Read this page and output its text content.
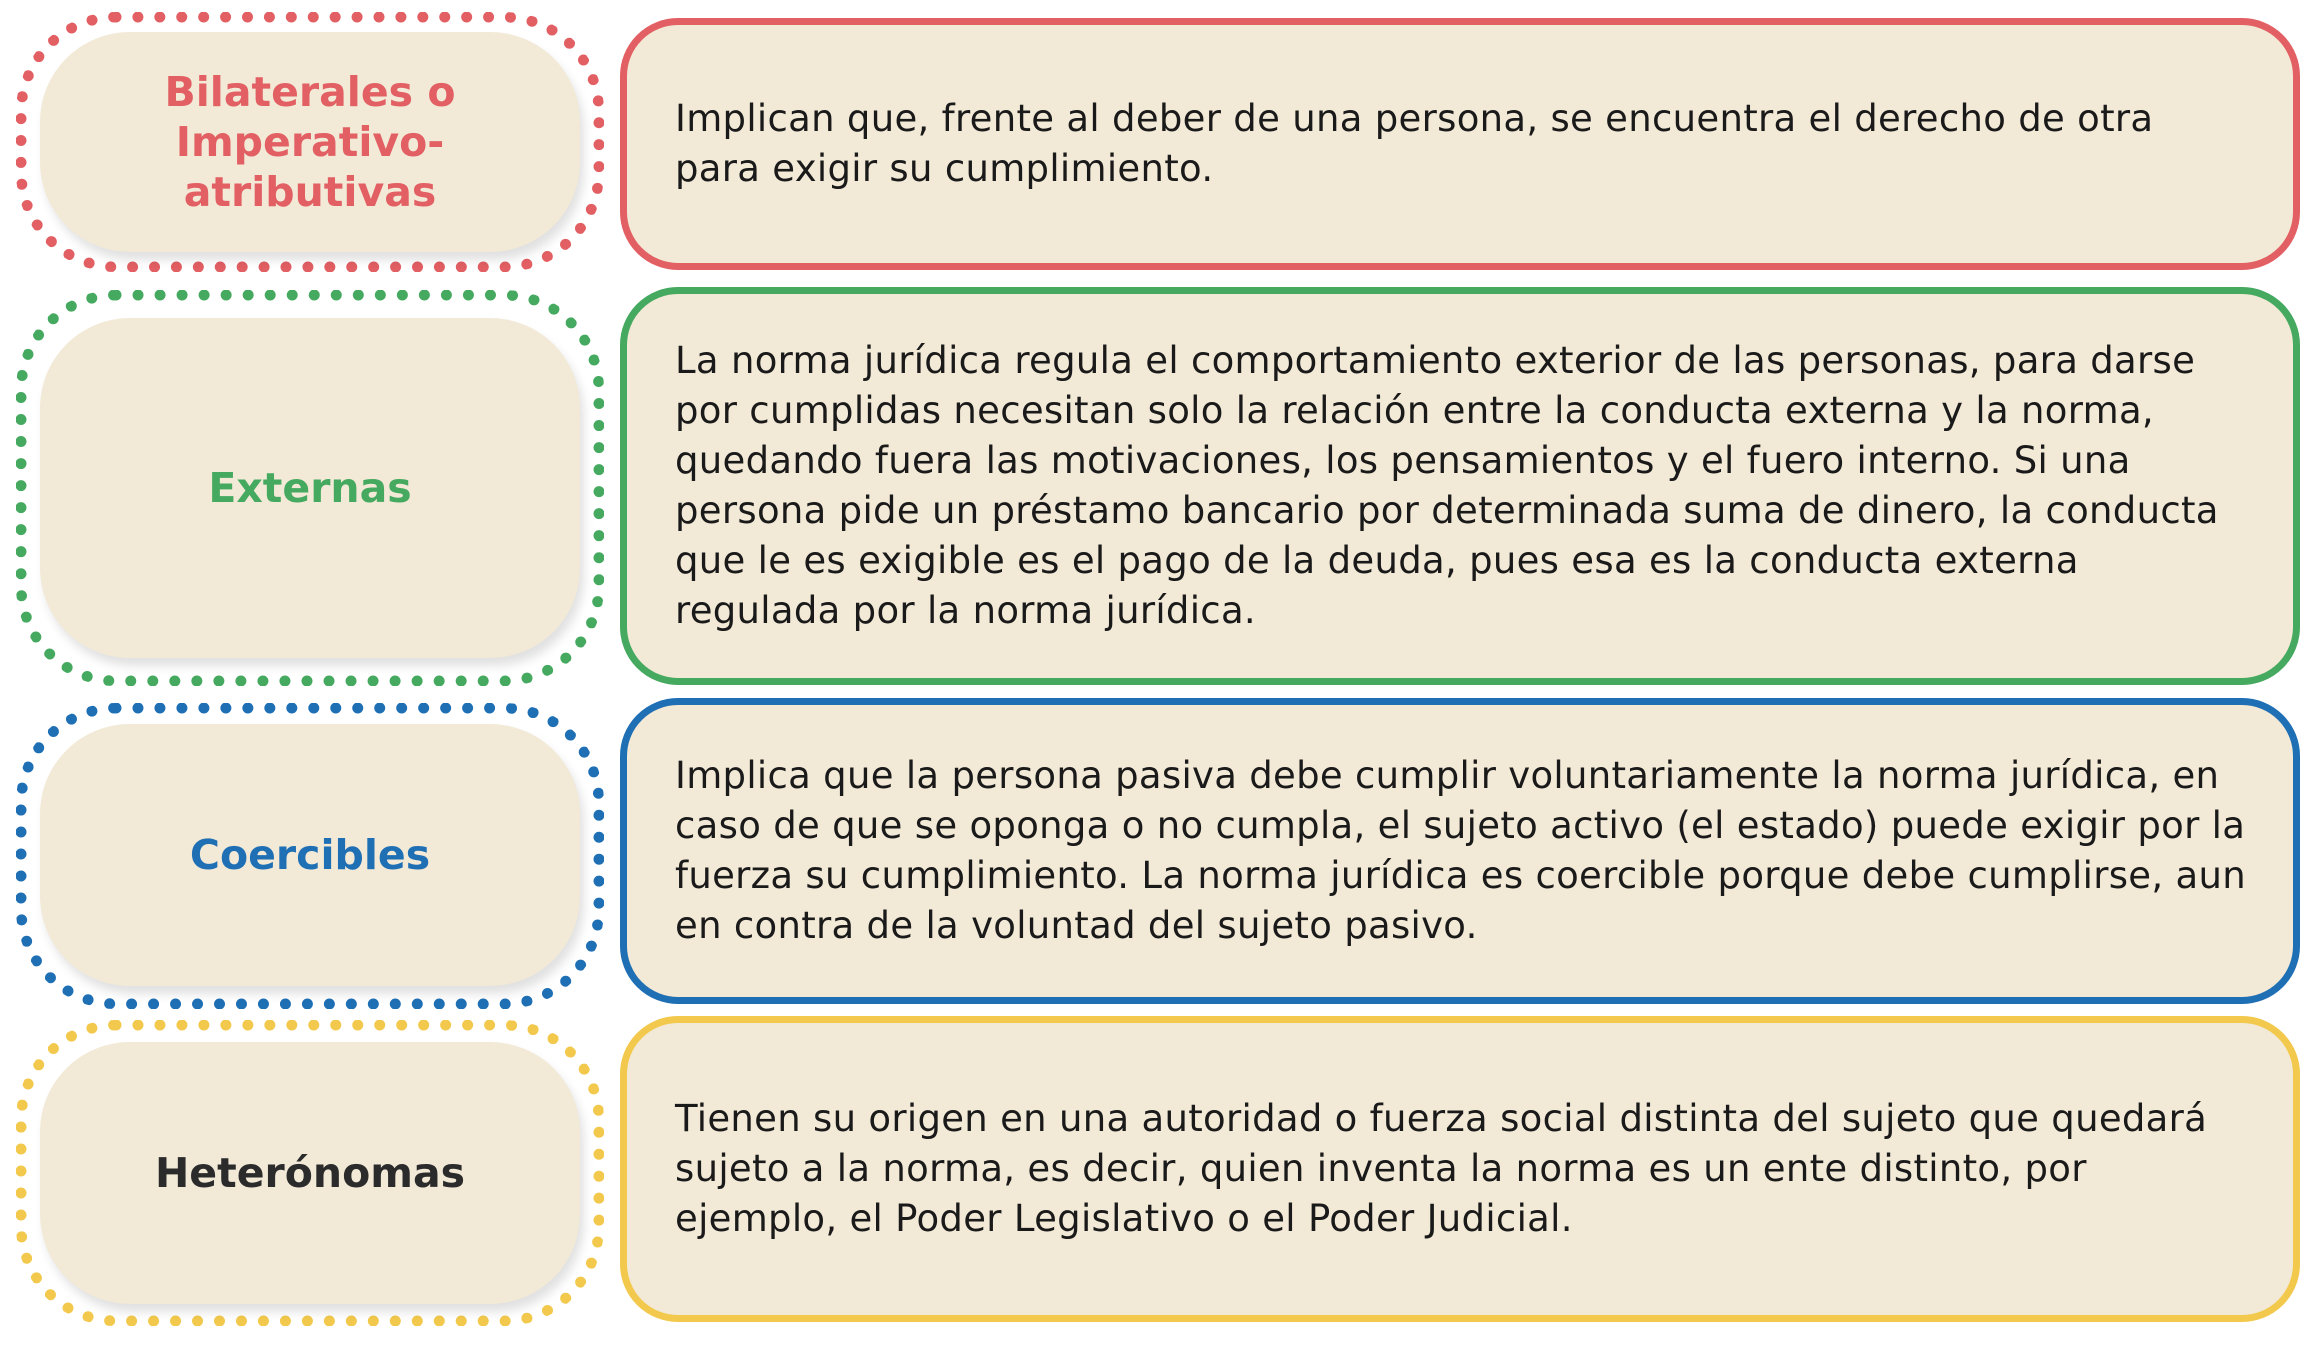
Bilaterales o Imperativo-atributivas

Implican que, frente al deber de una persona, se encuentra el derecho de otra para exigir su cumplimiento.

Externas

La norma jurídica regula el comportamiento exterior de las personas, para darse por cumplidas necesitan solo la relación entre la conducta externa y la norma, quedando fuera las motivaciones, los pensamientos y el fuero interno. Si una persona pide un préstamo bancario por determinada suma de dinero, la conducta que le es exigible es el pago de la deuda, pues esa es la conducta externa regulada por la norma jurídica.

Coercibles

Implica que la persona pasiva debe cumplir voluntariamente la norma jurídica, en caso de que se oponga o no cumpla, el sujeto activo (el estado) puede exigir por la fuerza su cumplimiento. La norma jurídica es coercible porque debe cumplirse, aun en contra de la voluntad del sujeto pasivo.

Heterónomas

Tienen su origen en una autoridad o fuerza social distinta del sujeto que quedará sujeto a la norma, es decir, quien inventa la norma es un ente distinto, por ejemplo, el Poder Legislativo o el Poder Judicial.
